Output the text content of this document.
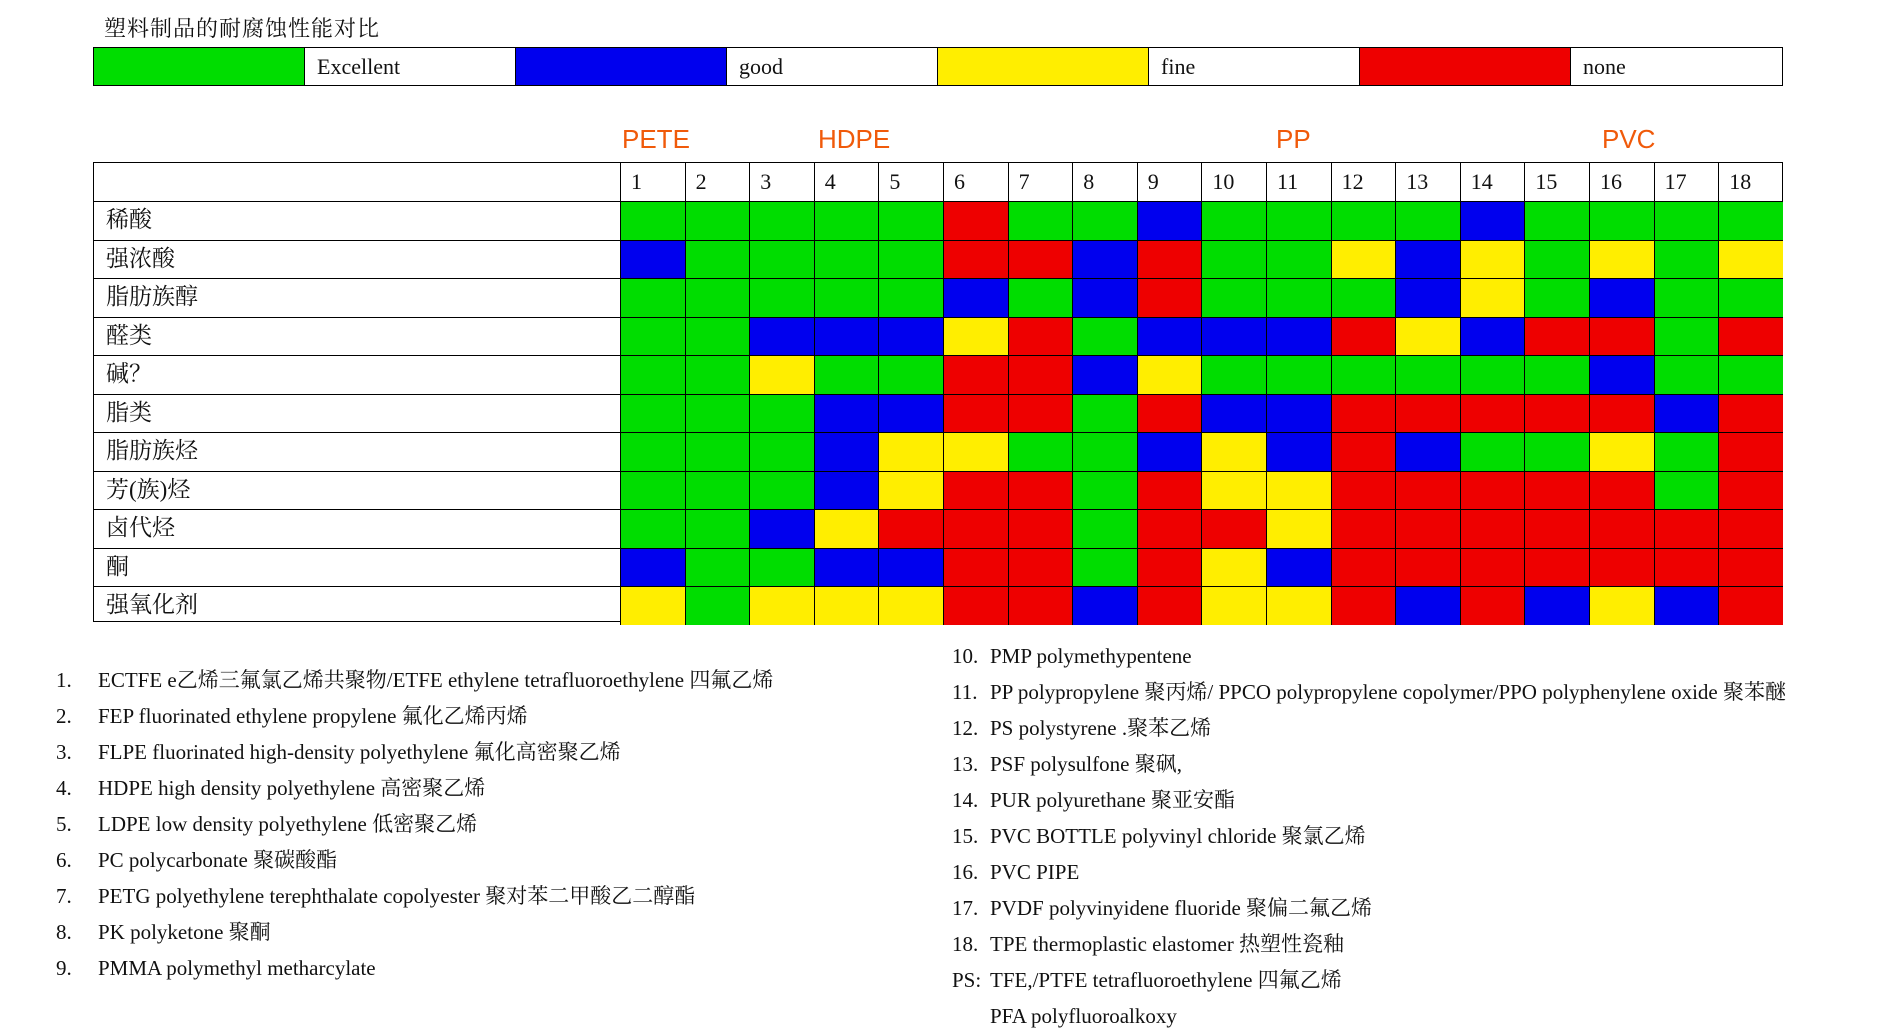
塑料制品的耐腐蚀性能对比
Excellent	good	fine	none
PETE	HDPE	PP	PVC
1	2	3	4	5	6	7	8	9	10	11	12	13	14	15	16	17	18
稀酸
强浓酸
脂肪族醇
醛类
碱？
脂类
脂肪族烃
芳(族)烃
卤代烃
酮
强氧化剂
1. ECTFE e乙烯三氟氯乙烯共聚物/ETFE ethylene tetrafluoroethylene 四氟乙烯
2. FEP fluorinated ethylene propylene 氟化乙烯丙烯
3. FLPE fluorinated high-density polyethylene 氟化高密聚乙烯
4. HDPE high density polyethylene 高密聚乙烯
5. LDPE low density polyethylene 低密聚乙烯
6. PC polycarbonate 聚碳酸酯
7. PETG polyethylene terephthalate copolyester 聚对苯二甲酸乙二醇酯
8. PK polyketone 聚酮
9. PMMA polymethyl metharcylate
10. PMP polymethypentene
11. PP polypropylene 聚丙烯/ PPCO polypropylene copolymer/PPO polyphenylene oxide 聚苯醚
12. PS polystyrene .聚苯乙烯
13. PSF polysulfone 聚砜,
14. PUR polyurethane 聚亚安酯
15. PVC BOTTLE polyvinyl chloride 聚氯乙烯
16. PVC PIPE
17. PVDF polyvinyidene fluoride 聚偏二氟乙烯
18. TPE thermoplastic elastomer 热塑性瓷釉
PS: TFE,/PTFE tetrafluoroethylene 四氟乙烯
PFA polyfluoroalkoxy
